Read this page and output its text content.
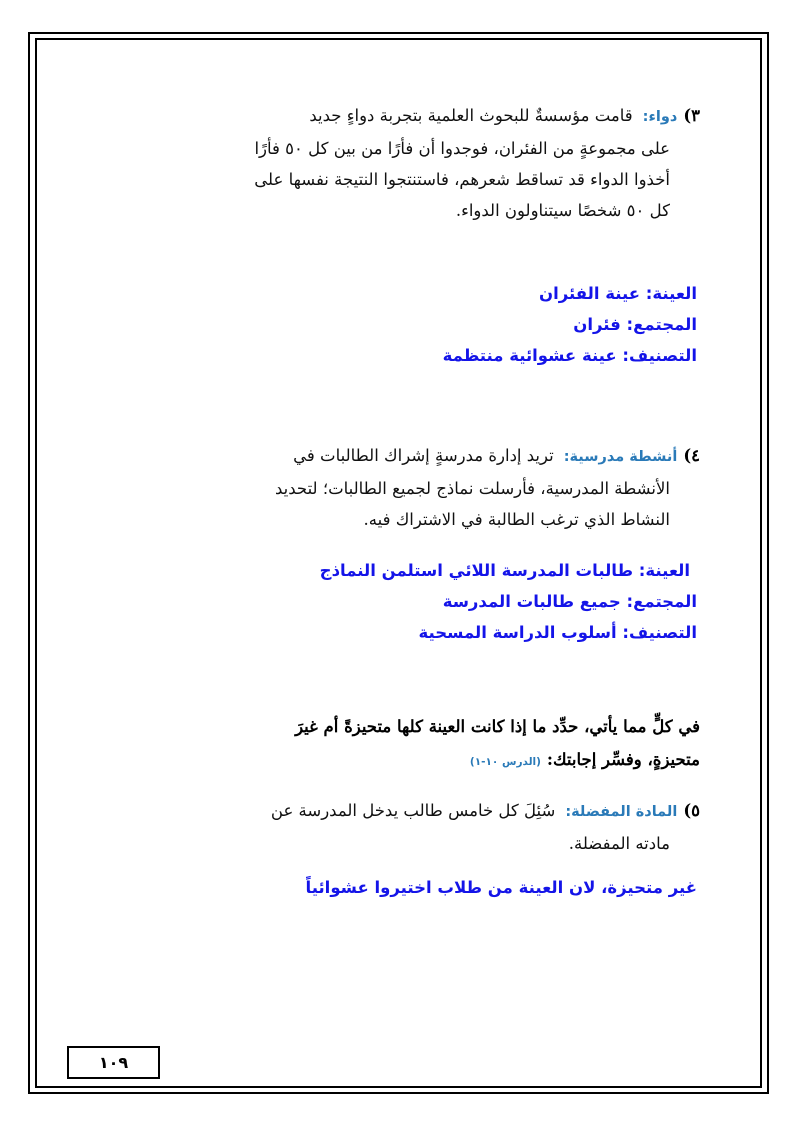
٣)دواء:قامت مؤسسةٌ للبحوث العلمية بتجربة دواءٍ جديد
على مجموعةٍ من الفئران، فوجدوا أن فأرًا من بين كل ٥٠ فأرًا
أخذوا الدواء قد تساقط شعرهم، فاستنتجوا النتيجة نفسها على
كل ٥٠ شخصًا سيتناولون الدواء.
العينة: عينة الفئران
المجتمع: فئران
التصنيف: عينة عشوائية منتظمة
٤)أنشطة مدرسية:تريد إدارة مدرسةٍ إشراك الطالبات في
الأنشطة المدرسية، فأرسلت نماذج لجميع الطالبات؛ لتحديد
النشاط الذي ترغب الطالبة في الاشتراك فيه.
العينة: طالبات المدرسة اللائي استلمن النماذج
المجتمع: جميع طالبات المدرسة
التصنيف: أسلوب الدراسة المسحية
في كلٍّ مما يأتي، حدِّد ما إذا كانت العينة كلها متحيزةً أم غيرَ
متحيزةٍ، وفسِّر إجابتك:(الدرس ١٠-١)
٥)المادة المفضلة:سُئِلَ كل خامس طالب يدخل المدرسة عن
مادته المفضلة.
غير متحيزة، لان العينة من طلاب اختيروا عشوائياً
١٠٩
